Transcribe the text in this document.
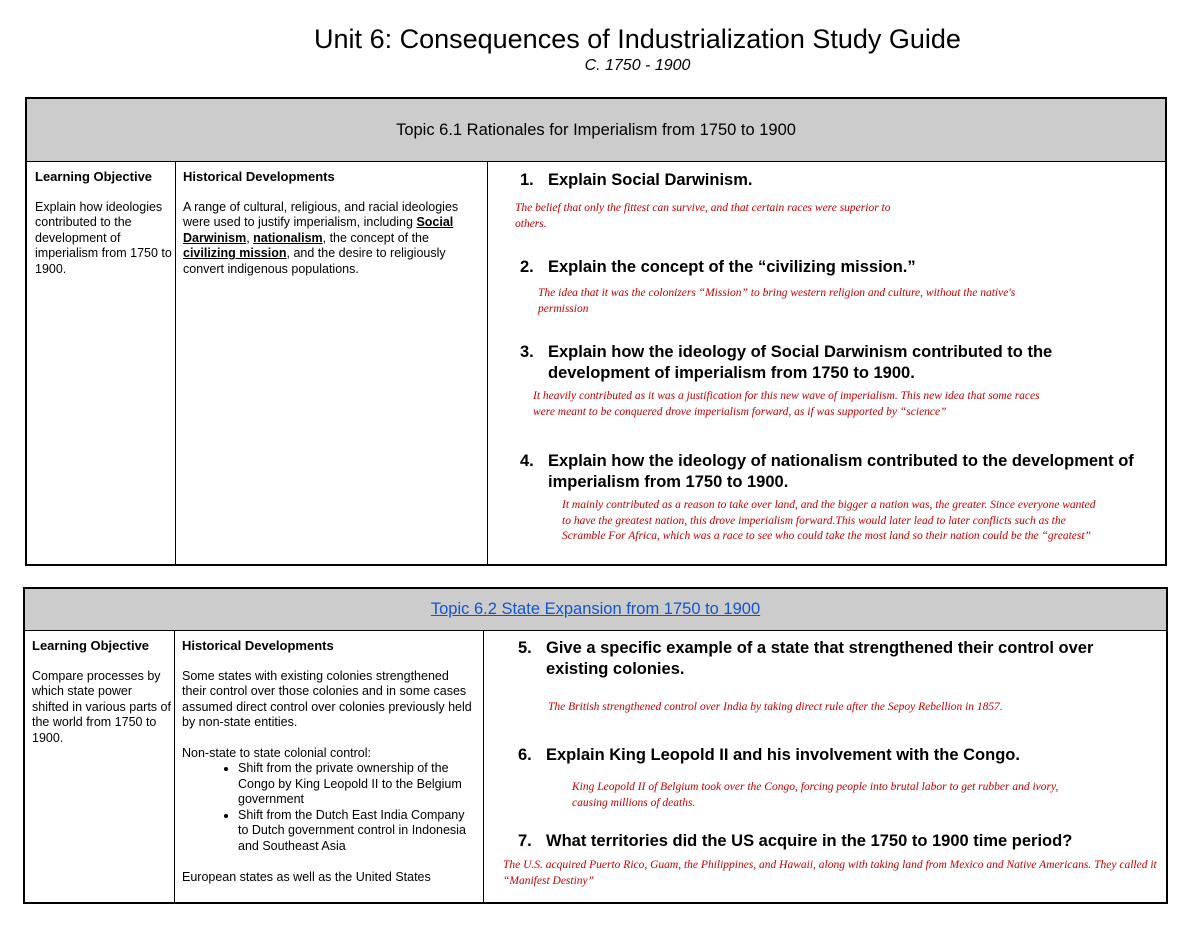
Unit 6: Consequences of Industrialization Study Guide
C. 1750 - 1900
Topic 6.1 Rationales for Imperialism from 1750 to 1900
Learning Objective

Explain how ideologies contributed to the development of imperialism from 1750 to 1900.

Historical Developments

A range of cultural, religious, and racial ideologies were used to justify imperialism, including Social Darwinism, nationalism, the concept of the civilizing mission, and the desire to religiously convert indigenous populations.

1. Explain Social Darwinism.
The belief that only the fittest can survive, and that certain races were superior to others.
2. Explain the concept of the “civilizing mission.”
The idea that it was the colonizers “Mission” to bring western religion and culture, without the native's permission
3. Explain how the ideology of Social Darwinism contributed to the development of imperialism from 1750 to 1900.
It heavily contributed as it was a justification for this new wave of imperialism. This new idea that some races were meant to be conquered drove imperialism forward, as if was supported by “science”
4. Explain how the ideology of nationalism contributed to the development of imperialism from 1750 to 1900.
It mainly contributed as a reason to take over land, and the bigger a nation was, the greater. Since everyone wanted to have the greatest nation, this drove imperialism forward.This would later lead to later conflicts such as the Scramble For Africa, which was a race to see who could take the most land so their nation could be the “greatest”
Topic 6.2 State Expansion from 1750 to 1900
Learning Objective

Compare processes by which state power shifted in various parts of the world from 1750 to 1900.

Historical Developments

Some states with existing colonies strengthened their control over those colonies and in some cases assumed direct control over colonies previously held by non-state entities.

Non-state to state colonial control:

• Shift from the private ownership of the Congo by King Leopold II to the Belgium government
• Shift from the Dutch East India Company to Dutch government control in Indonesia and Southeast Asia

European states as well as the United States

5. Give a specific example of a state that strengthened their control over existing colonies.
The British strengthened control over India by taking direct rule after the Sepoy Rebellion in 1857.
6. Explain King Leopold II and his involvement with the Congo.
King Leopold II of Belgium took over the Congo, forcing people into brutal labor to get rubber and ivory, causing millions of deaths.
7. What territories did the US acquire in the 1750 to 1900 time period?
The U.S. acquired Puerto Rico, Guam, the Philippines, and Hawaii, along with taking land from Mexico and Native Americans. They called it “Manifest Destiny”
